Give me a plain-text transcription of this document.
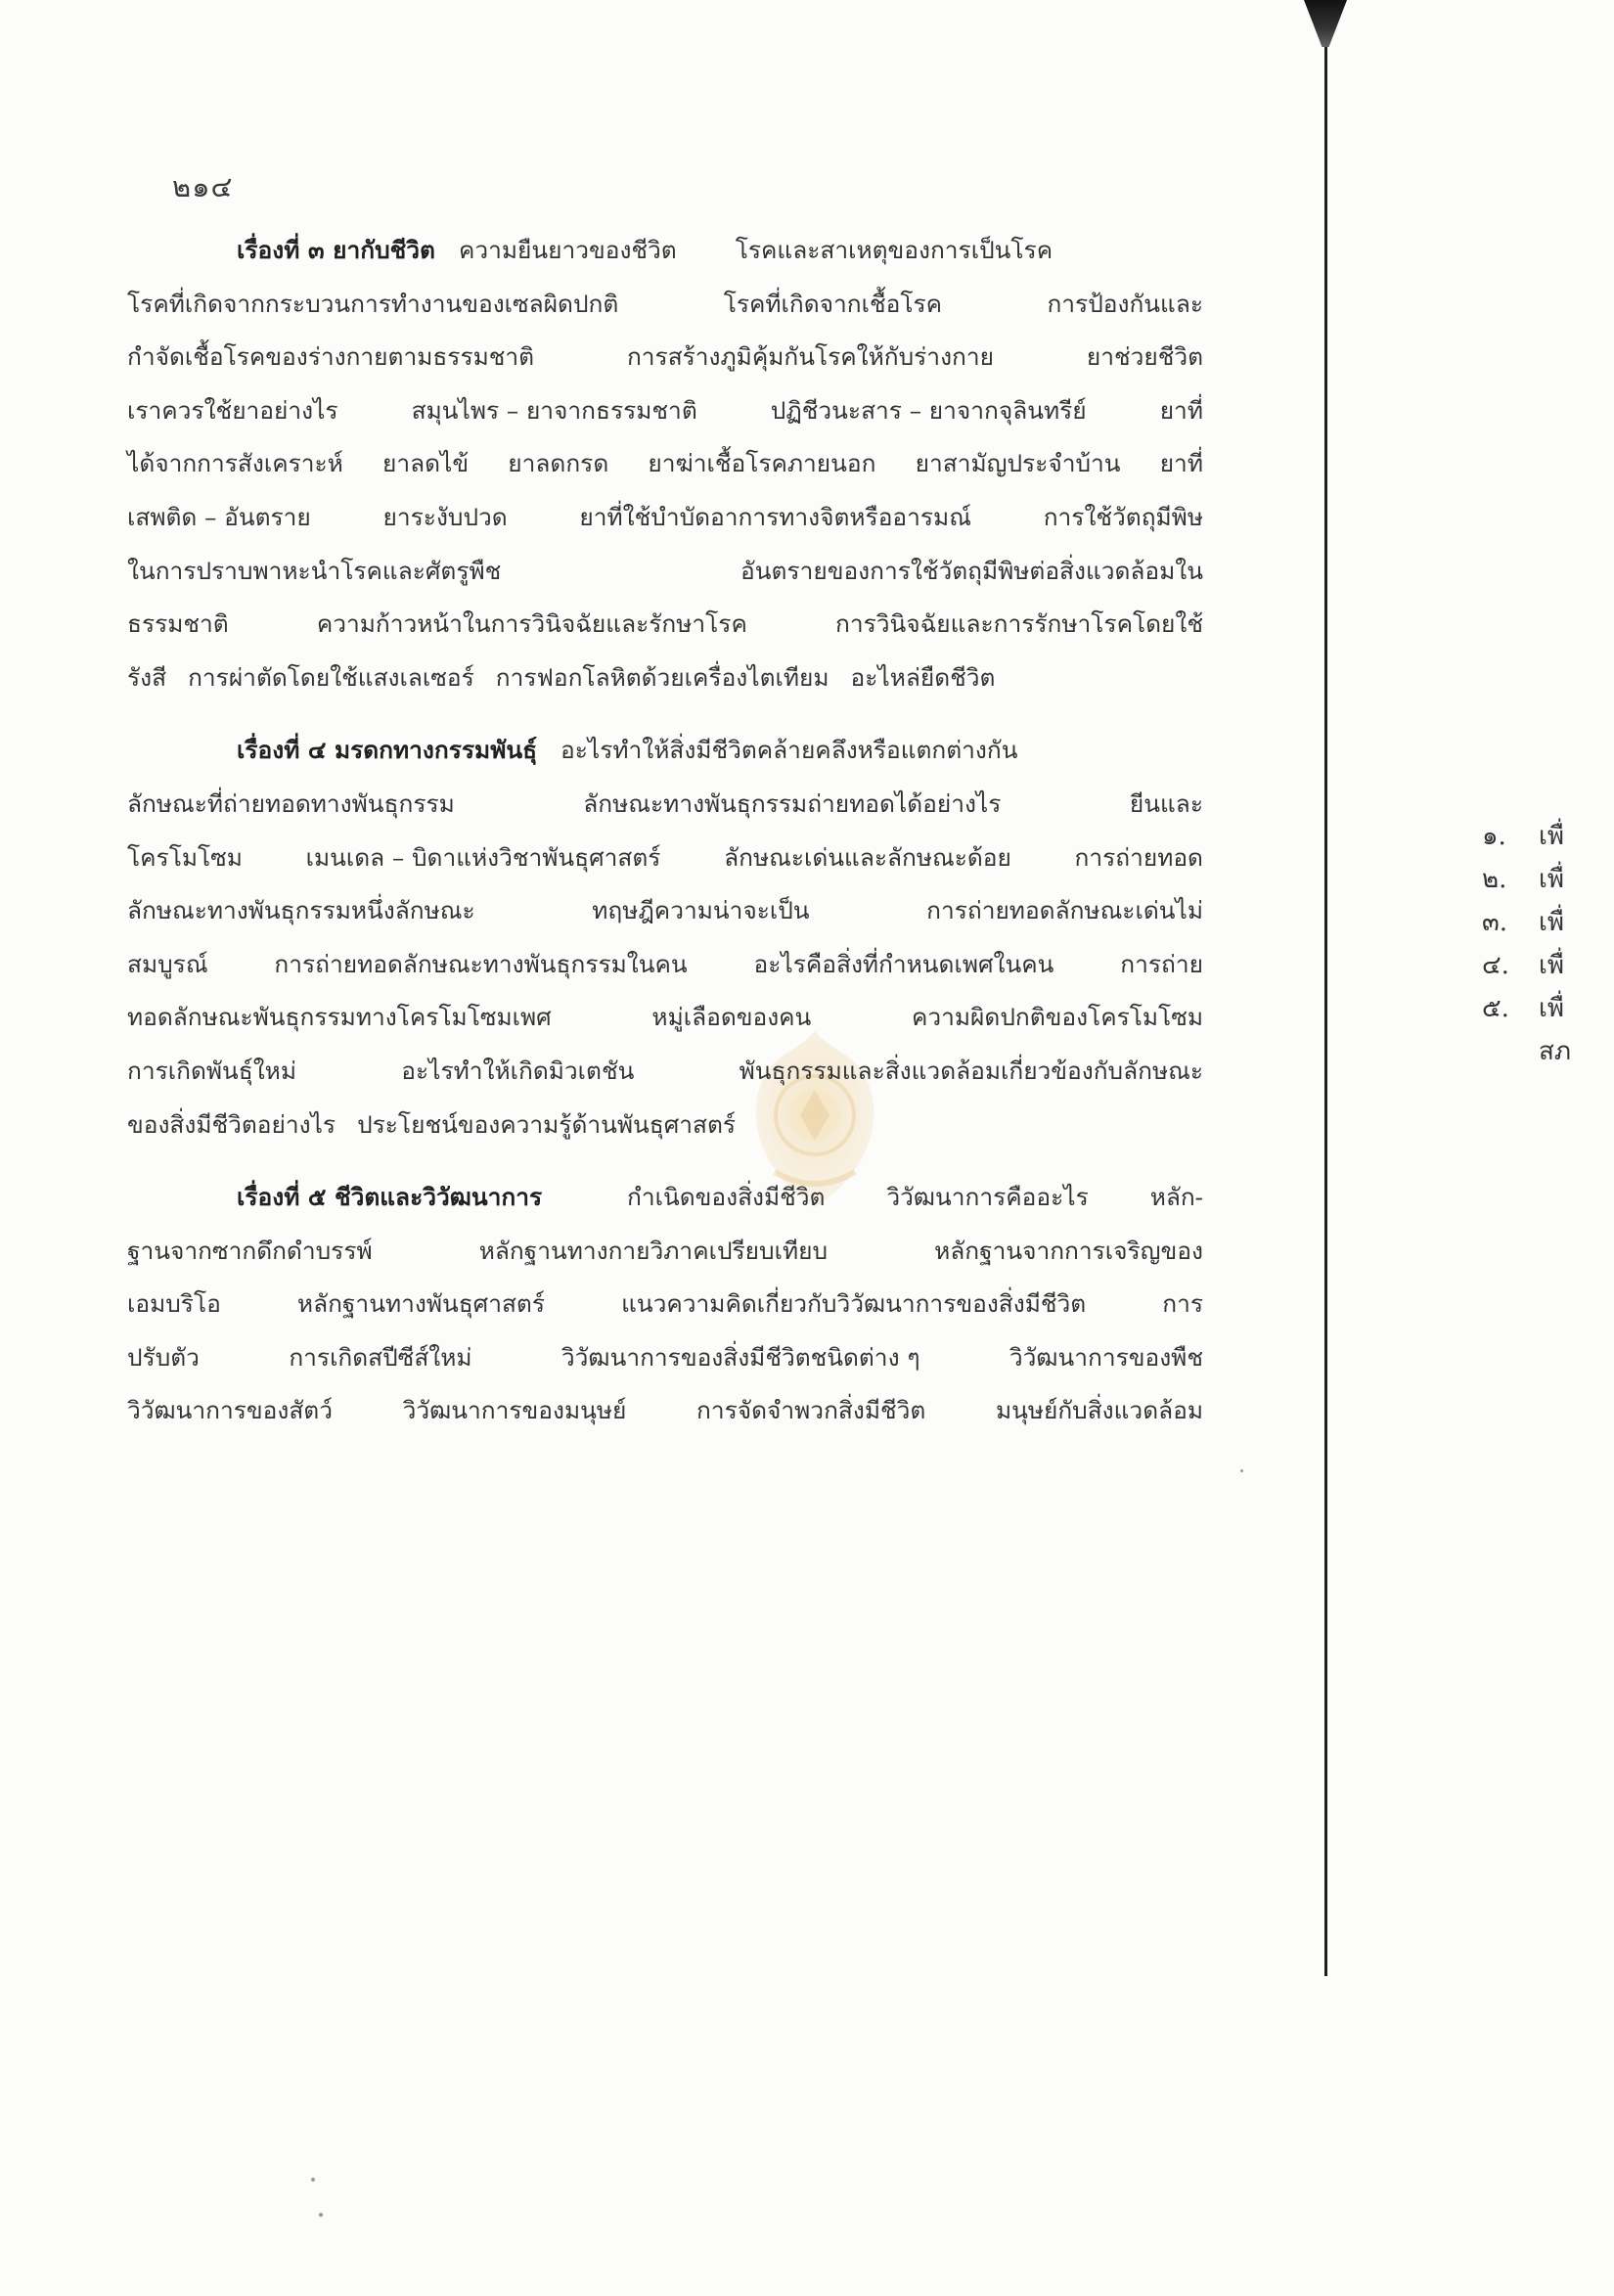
๒๑๔
เรื่องที่ ๓ ยากับชีวิต ความยืนยาวของชีวิต โรคและสาเหตุของการเป็นโรค
โรคที่เกิดจากกระบวนการทำงานของเซลผิดปกติ	โรคที่เกิดจากเชื้อโรค	การป้องกันและ
กำจัดเชื้อโรคของร่างกายตามธรรมชาติ	การสร้างภูมิคุ้มกันโรคให้กับร่างกาย	ยาช่วยชีวิต
เราควรใช้ยาอย่างไร	สมุนไพร – ยาจากธรรมชาติ	ปฏิชีวนะสาร – ยาจากจุลินทรีย์	ยาที่
ได้จากการสังเคราะห์ ยาลดไข้ ยาลดกรด ยาฆ่าเชื้อโรคภายนอก ยาสามัญประจำบ้าน ยาที่
เสพติด – อันตราย	ยาระงับปวด	ยาที่ใช้บำบัดอาการทางจิตหรืออารมณ์	การใช้วัตถุมีพิษ
ในการปราบพาหะนำโรคและศัตรูพืช	อันตรายของการใช้วัตถุมีพิษต่อสิ่งแวดล้อมใน
ธรรมชาติ	ความก้าวหน้าในการวินิจฉัยและรักษาโรค	การวินิจฉัยและการรักษาโรคโดยใช้
รังสี การผ่าตัดโดยใช้แสงเลเซอร์ การฟอกโลหิตด้วยเครื่องไตเทียม อะไหล่ยืดชีวิต
เรื่องที่ ๔ มรดกทางกรรมพันธุ์ อะไรทำให้สิ่งมีชีวิตคล้ายคลึงหรือแตกต่างกัน
ลักษณะที่ถ่ายทอดทางพันธุกรรม	ลักษณะทางพันธุกรรมถ่ายทอดได้อย่างไร	ยีนและ
โครโมโซม	เมนเดล – บิดาแห่งวิชาพันธุศาสตร์	ลักษณะเด่นและลักษณะด้อย	การถ่ายทอด
ลักษณะทางพันธุกรรมหนึ่งลักษณะ	ทฤษฎีความน่าจะเป็น	การถ่ายทอดลักษณะเด่นไม่
สมบูรณ์	การถ่ายทอดลักษณะทางพันธุกรรมในคน	อะไรคือสิ่งที่กำหนดเพศในคน	การถ่าย
ทอดลักษณะพันธุกรรมทางโครโมโซมเพศ	หมู่เลือดของคน	ความผิดปกติของโครโมโซม
การเกิดพันธุ์ใหม่	อะไรทำให้เกิดมิวเตชัน	พันธุกรรมและสิ่งแวดล้อมเกี่ยวข้องกับลักษณะ
ของสิ่งมีชีวิตอย่างไร ประโยชน์ของความรู้ด้านพันธุศาสตร์
เรื่องที่ ๕ ชีวิตและวิวัฒนาการ	กำเนิดของสิ่งมีชีวิต	วิวัฒนาการคืออะไร	หลัก-
ฐานจากซากดึกดำบรรพ์	หลักฐานทางกายวิภาคเปรียบเทียบ	หลักฐานจากการเจริญของ
เอมบริโอ	หลักฐานทางพันธุศาสตร์	แนวความคิดเกี่ยวกับวิวัฒนาการของสิ่งมีชีวิต	การ
ปรับตัว	การเกิดสปีซีส์ใหม่	วิวัฒนาการของสิ่งมีชีวิตชนิดต่าง ๆ	วิวัฒนาการของพืช
วิวัฒนาการของสัตว์	วิวัฒนาการของมนุษย์	การจัดจำพวกสิ่งมีชีวิต	มนุษย์กับสิ่งแวดล้อม
๑. เพื่
๒. เพื่
๓. เพื่
๔. เพื่
๕. เพื่
สภ
